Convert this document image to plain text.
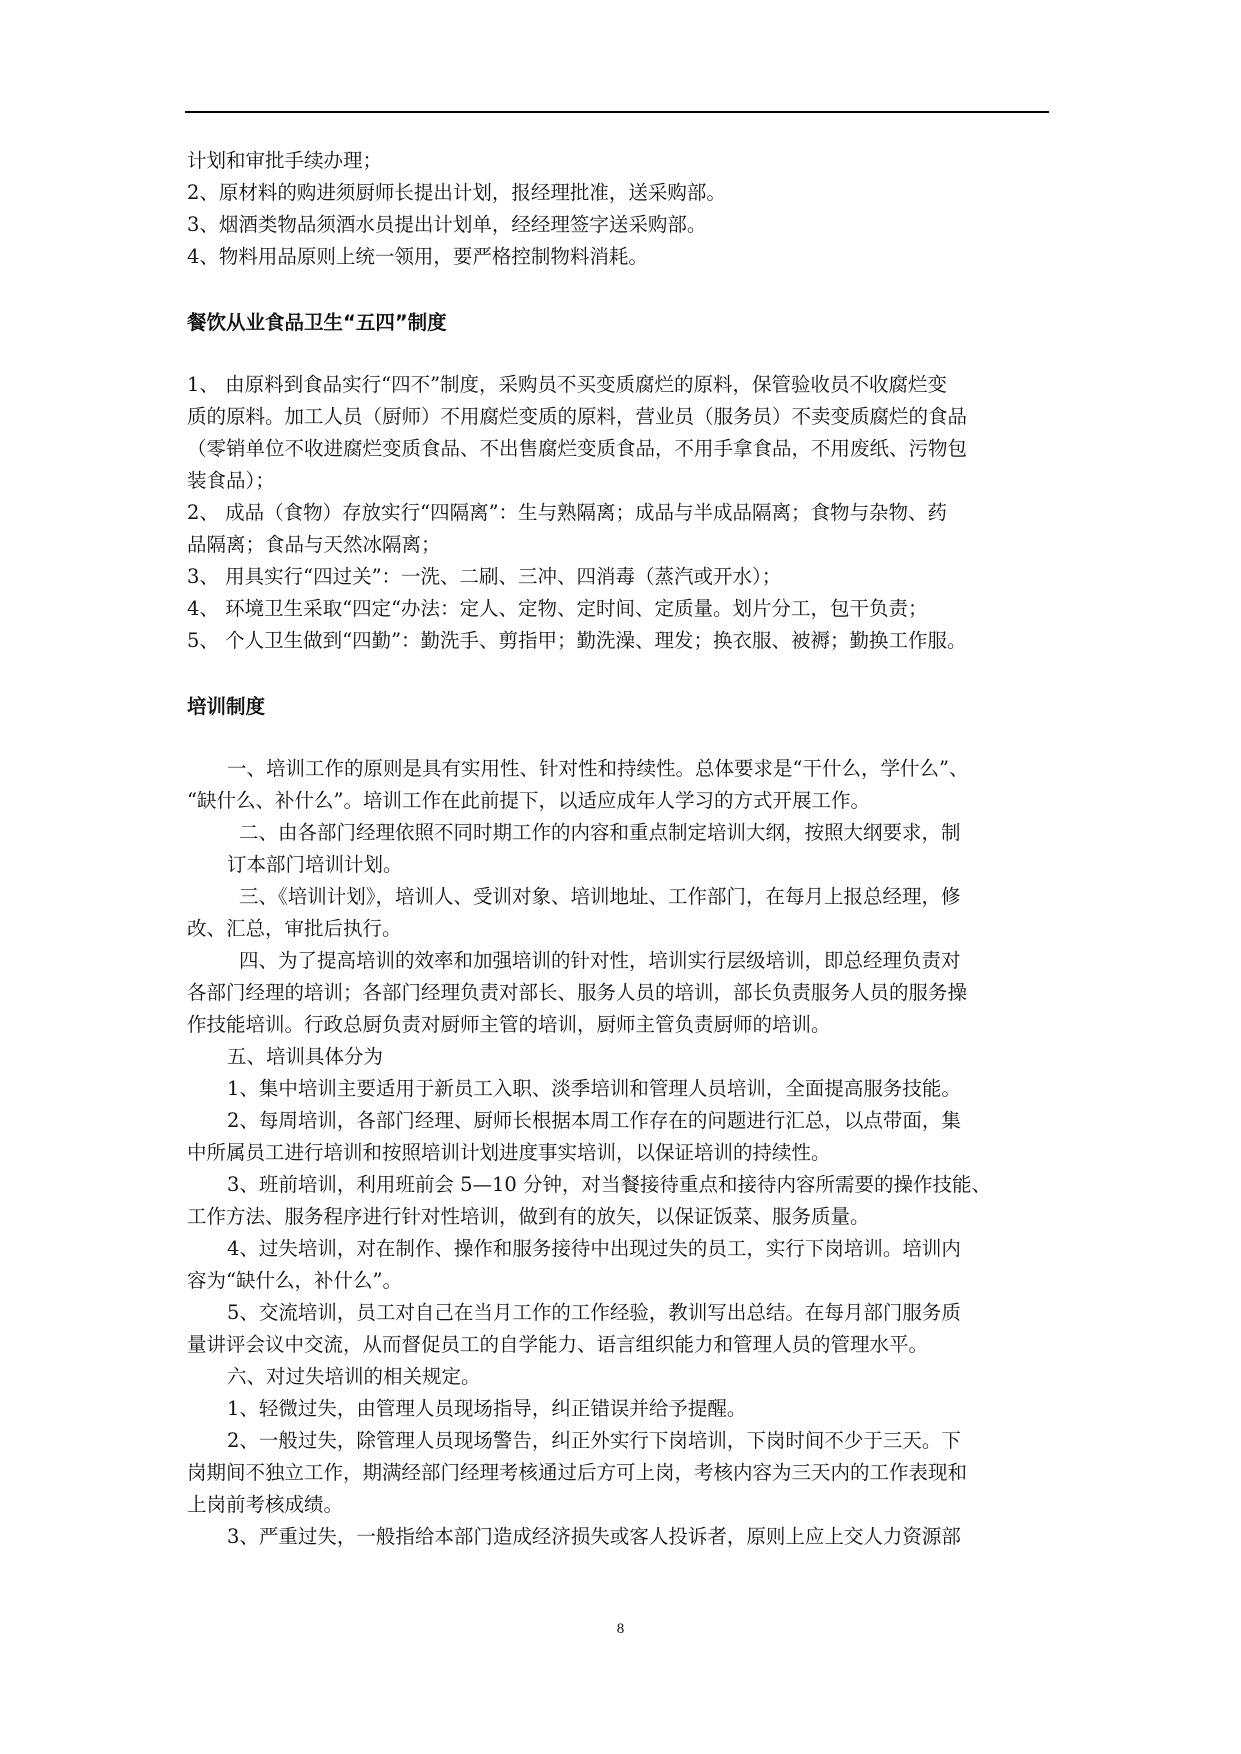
计划和审批手续办理；
2、原材料的购进须厨师长提出计划，报经理批准，送采购部。
3、烟酒类物品须酒水员提出计划单，经经理签字送采购部。
4、物料用品原则上统一领用，要严格控制物料消耗。
餐饮从业食品卫生“五四”制度
1、 由原料到食品实行“四不”制度，采购员不买变质腐烂的原料，保管验收员不收腐烂变
质的原料。加工人员（厨师）不用腐烂变质的原料，营业员（服务员）不卖变质腐烂的食品
（零销单位不收进腐烂变质食品、不出售腐烂变质食品，不用手拿食品，不用废纸、污物包
装食品）；
2、 成品（食物）存放实行“四隔离”：生与熟隔离；成品与半成品隔离；食物与杂物、药
品隔离；食品与天然冰隔离；
3、 用具实行“四过关”：一洗、二刷、三冲、四消毒（蒸汽或开水）；
4、 环境卫生采取“四定“办法：定人、定物、定时间、定质量。划片分工，包干负责；
5、 个人卫生做到“四勤”：勤洗手、剪指甲；勤洗澡、理发；换衣服、被褥；勤换工作服。
培训制度
一、培训工作的原则是具有实用性、针对性和持续性。总体要求是“干什么，学什么”、
“缺什么、补什么”。培训工作在此前提下，以适应成年人学习的方式开展工作。
二、由各部门经理依照不同时期工作的内容和重点制定培训大纲，按照大纲要求，制
订本部门培训计划。
三、《培训计划》，培训人、受训对象、培训地址、工作部门，在每月上报总经理，修
改、汇总，审批后执行。
四、为了提高培训的效率和加强培训的针对性，培训实行层级培训，即总经理负责对
各部门经理的培训；各部门经理负责对部长、服务人员的培训，部长负责服务人员的服务操
作技能培训。行政总厨负责对厨师主管的培训，厨师主管负责厨师的培训。
五、培训具体分为
1、集中培训主要适用于新员工入职、淡季培训和管理人员培训，全面提高服务技能。
2、每周培训，各部门经理、厨师长根据本周工作存在的问题进行汇总，以点带面，集
中所属员工进行培训和按照培训计划进度事实培训，以保证培训的持续性。
3、班前培训，利用班前会 5—10 分钟，对当餐接待重点和接待内容所需要的操作技能、
工作方法、服务程序进行针对性培训，做到有的放矢，以保证饭菜、服务质量。
4、过失培训，对在制作、操作和服务接待中出现过失的员工，实行下岗培训。培训内
容为“缺什么，补什么”。
5、交流培训，员工对自己在当月工作的工作经验，教训写出总结。在每月部门服务质
量讲评会议中交流，从而督促员工的自学能力、语言组织能力和管理人员的管理水平。
六、对过失培训的相关规定。
1、轻微过失，由管理人员现场指导，纠正错误并给予提醒。
2、一般过失，除管理人员现场警告，纠正外实行下岗培训，下岗时间不少于三天。下
岗期间不独立工作，期满经部门经理考核通过后方可上岗，考核内容为三天内的工作表现和
上岗前考核成绩。
3、严重过失，一般指给本部门造成经济损失或客人投诉者，原则上应上交人力资源部
8
